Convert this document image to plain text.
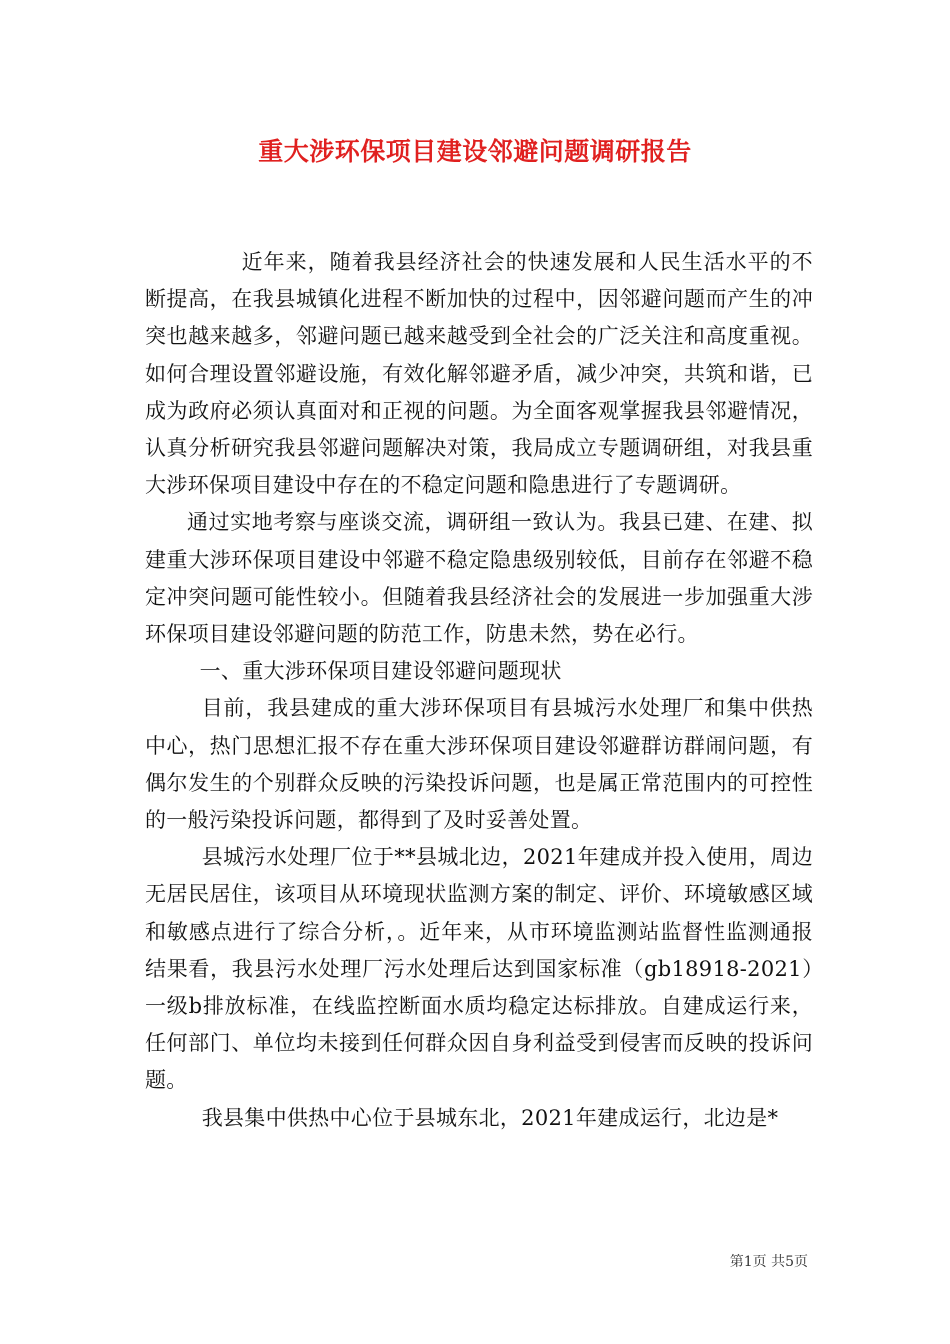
重大涉环保项目建设邻避问题调研报告

近年来，随着我县经济社会的快速发展和人民生活水平的不断提高，在我县城镇化进程不断加快的过程中，因邻避问题而产生的冲突也越来越多，邻避问题已越来越受到全社会的广泛关注和高度重视。如何合理设置邻避设施，有效化解邻避矛盾，减少冲突，共筑和谐，已成为政府必须认真面对和正视的问题。为全面客观掌握我县邻避情况，认真分析研究我县邻避问题解决对策，我局成立专题调研组，对我县重大涉环保项目建设中存在的不稳定问题和隐患进行了专题调研。

通过实地考察与座谈交流，调研组一致认为。我县已建、在建、拟建重大涉环保项目建设中邻避不稳定隐患级别较低，目前存在邻避不稳定冲突问题可能性较小。但随着我县经济社会的发展进一步加强重大涉环保项目建设邻避问题的防范工作，防患未然，势在必行。

一、重大涉环保项目建设邻避问题现状

目前，我县建成的重大涉环保项目有县城污水处理厂和集中供热中心，热门思想汇报不存在重大涉环保项目建设邻避群访群闹问题，有偶尔发生的个别群众反映的污染投诉问题，也是属正常范围内的可控性的一般污染投诉问题，都得到了及时妥善处置。

县城污水处理厂位于**县城北边，2021年建成并投入使用，周边无居民居住，该项目从环境现状监测方案的制定、评价、环境敏感区域和敏感点进行了综合分析，。近年来，从市环境监测站监督性监测通报结果看，我县污水处理厂污水处理后达到国家标准（gb18918-2021）一级b排放标准，在线监控断面水质均稳定达标排放。自建成运行来，任何部门、单位均未接到任何群众因自身利益受到侵害而反映的投诉问题。

我县集中供热中心位于县城东北，2021年建成运行，北边是*

第1页 共5页
